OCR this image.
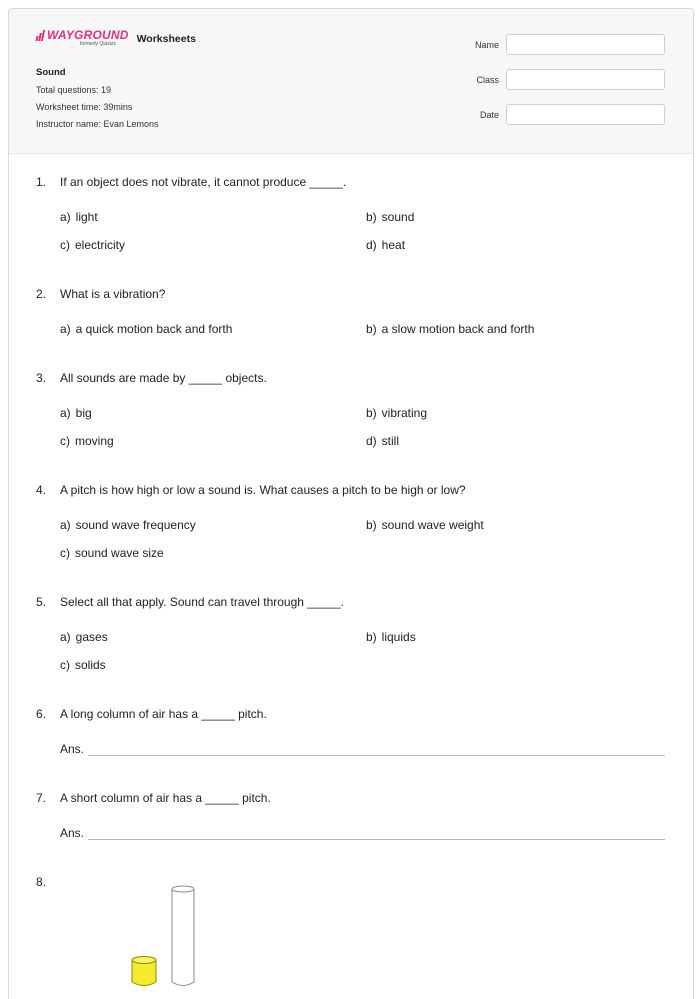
WAYGROUND
formerly Quizizz	Worksheets
Sound
Total questions: 19
Worksheet time: 39mins
Instructor name: Evan Lemons
Name
Class
Date
1. If an object does not vibrate, it cannot produce _____.
a) light	b) sound
c) electricity	d) heat
2. What is a vibration?
a) a quick motion back and forth	b) a slow motion back and forth
3. All sounds are made by _____ objects.
a) big	b) vibrating
c) moving	d) still
4. A pitch is how high or low a sound is. What causes a pitch to be high or low?
a) sound wave frequency	b) sound wave weight
c) sound wave size
5. Select all that apply. Sound can travel through _____.
a) gases	b) liquids
c) solids
6. A long column of air has a _____ pitch.
Ans.
7. A short column of air has a _____ pitch.
Ans.
8.
